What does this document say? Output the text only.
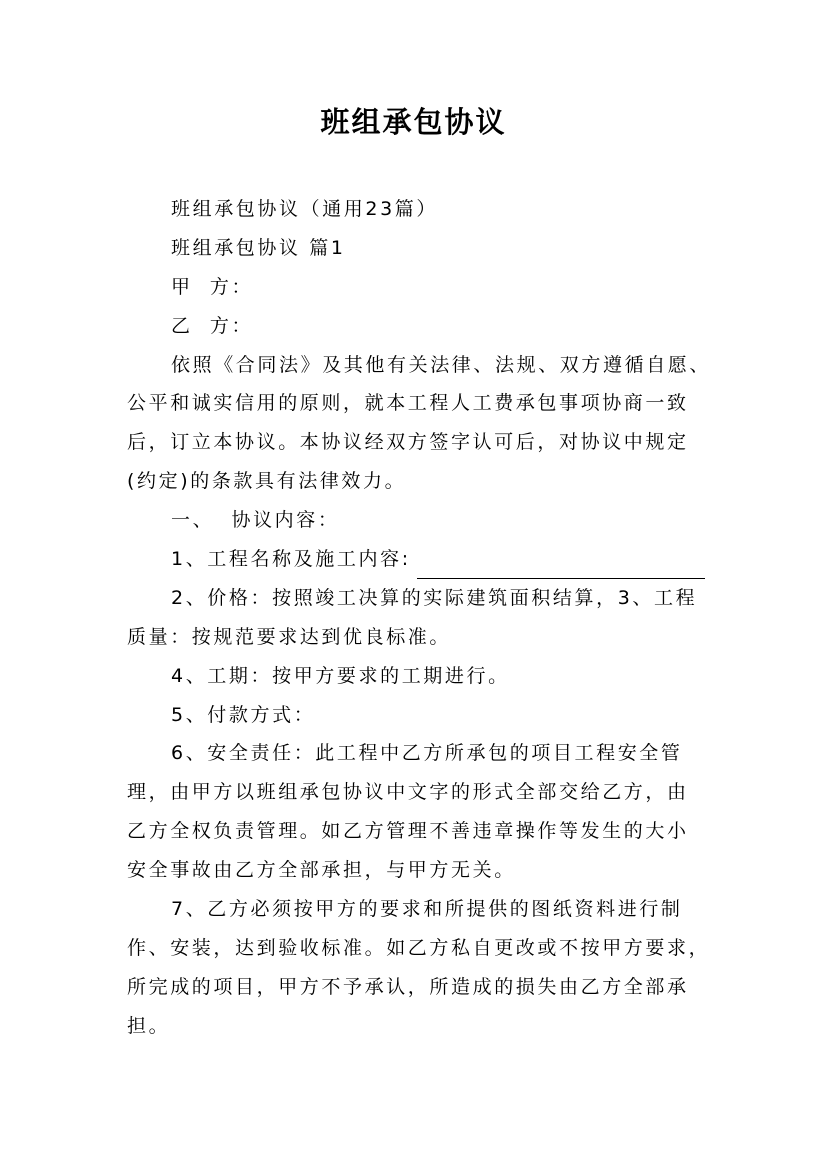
班组承包协议

班组承包协议（通用23篇）

班组承包协议 篇1

甲  方：

乙  方：

依照《合同法》及其他有关法律、法规、双方遵循自愿、

公平和诚实信用的原则，就本工程人工费承包事项协商一致

后，订立本协议。本协议经双方签字认可后，对协议中规定

(约定)的条款具有法律效力。

一、  协议内容：

1、工程名称及施工内容:

2、价格：按照竣工决算的实际建筑面积结算，3、工程

质量：按规范要求达到优良标准。

4、工期：按甲方要求的工期进行。

5、付款方式：

6、安全责任：此工程中乙方所承包的项目工程安全管

理，由甲方以班组承包协议中文字的形式全部交给乙方，由

乙方全权负责管理。如乙方管理不善违章操作等发生的大小

安全事故由乙方全部承担，与甲方无关。

7、乙方必须按甲方的要求和所提供的图纸资料进行制

作、安装，达到验收标准。如乙方私自更改或不按甲方要求，

所完成的项目，甲方不予承认，所造成的损失由乙方全部承

担。
